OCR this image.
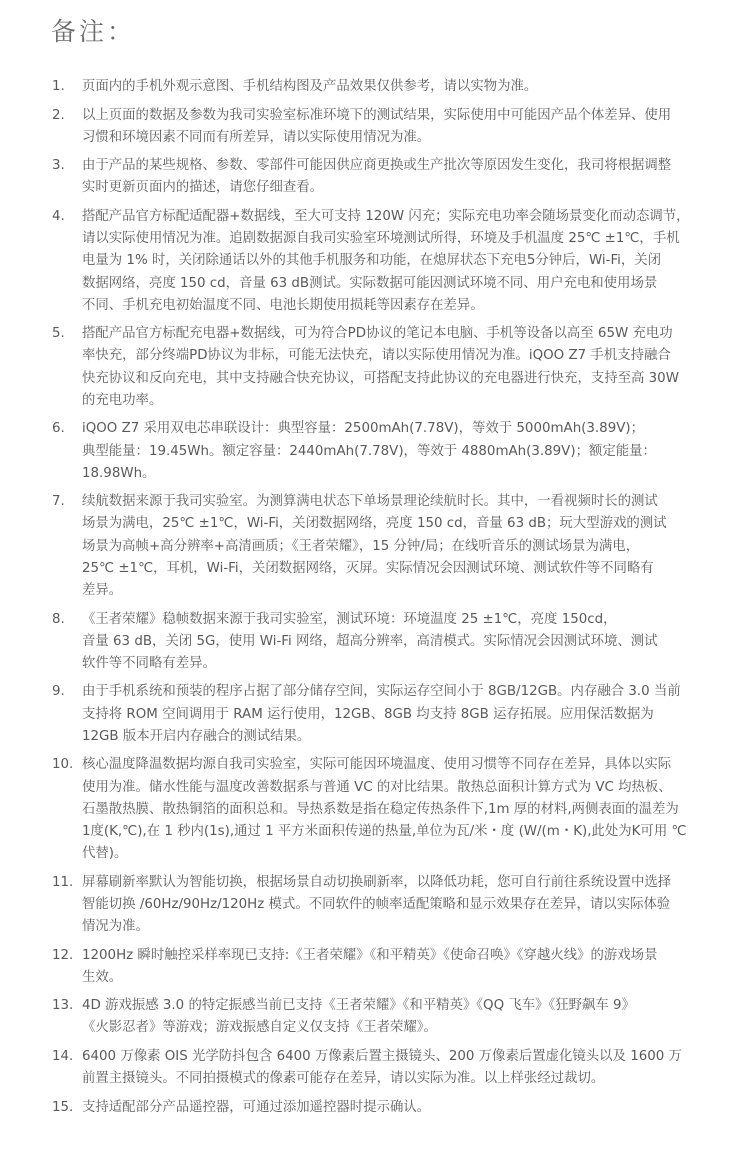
备注：
1.	页面内的手机外观示意图、手机结构图及产品效果仅供参考，请以实物为准。
2.	以上页面的数据及参数为我司实验室标准环境下的测试结果，实际使用中可能因产品个体差异、使用
习惯和环境因素不同而有所差异，请以实际使用情况为准。
3.	由于产品的某些规格、参数、零部件可能因供应商更换或生产批次等原因发生变化，我司将根据调整
实时更新页面内的描述，请您仔细查看。
4.	搭配产品官方标配适配器+数据线，至大可支持 120W 闪充；实际充电功率会随场景变化而动态调节，
请以实际使用情况为准。追剧数据源自我司实验室环境测试所得，环境及手机温度 25℃ ±1℃，手机
电量为 1% 时，关闭除通话以外的其他手机服务和功能，在熄屏状态下充电5分钟后，Wi-Fi，关闭
数据网络，亮度 150 cd，音量 63 dB测试。实际数据可能因测试环境不同、用户充电和使用场景
不同、手机充电初始温度不同、电池长期使用损耗等因素存在差异。
5.	搭配产品官方标配充电器+数据线，可为符合PD协议的笔记本电脑、手机等设备以高至 65W 充电功
率快充，部分终端PD协议为非标，可能无法快充，请以实际使用情况为准。iQOO Z7 手机支持融合
快充协议和反向充电，其中支持融合快充协议，可搭配支持此协议的充电器进行快充，支持至高 30W
的充电功率。
6.	iQOO Z7 采用双电芯串联设计：典型容量：2500mAh(7.78V)，等效于 5000mAh(3.89V)；
典型能量：19.45Wh。额定容量：2440mAh(7.78V)，等效于 4880mAh(3.89V)；额定能量：
18.98Wh。
7.	续航数据来源于我司实验室。为测算满电状态下单场景理论续航时长。其中，一看视频时长的测试
场景为满电，25℃ ±1℃，Wi-Fi，关闭数据网络，亮度 150 cd，音量 63 dB；玩大型游戏的测试
场景为高帧+高分辨率+高清画质；《王者荣耀》，15 分钟/局；在线听音乐的测试场景为满电，
25℃ ±1℃，耳机，Wi-Fi，关闭数据网络，灭屏。实际情况会因测试环境、测试软件等不同略有
差异。
8.	《王者荣耀》稳帧数据来源于我司实验室，测试环境：环境温度 25 ±1℃，亮度 150cd，
音量 63 dB，关闭 5G，使用 Wi-Fi 网络，超高分辨率，高清模式。实际情况会因测试环境、测试
软件等不同略有差异。
9.	由于手机系统和预装的程序占据了部分储存空间，实际运存空间小于 8GB/12GB。内存融合 3.0 当前
支持将 ROM 空间调用于 RAM 运行使用，12GB、8GB 均支持 8GB 运存拓展。应用保活数据为
12GB 版本开启内存融合的测试结果。
10. 核心温度降温数据均源自我司实验室，实际可能因环境温度、使用习惯等不同存在差异，具体以实际
使用为准。储水性能与温度改善数据系与普通 VC 的对比结果。散热总面积计算方式为 VC 均热板、
石墨散热膜、散热铜箔的面积总和。导热系数是指在稳定传热条件下,1m 厚的材料,两侧表面的温差为
1度(K,℃),在 1 秒内(1s),通过 1 平方米面积传递的热量,单位为瓦/米・度 (W/(m・K),此处为K可用 ℃
代替)。
11. 屏幕刷新率默认为智能切换，根据场景自动切换刷新率，以降低功耗，您可自行前往系统设置中选择
智能切换 /60Hz/90Hz/120Hz 模式。不同软件的帧率适配策略和显示效果存在差异，请以实际体验
情况为准。
12. 1200Hz 瞬时触控采样率现已支持:《王者荣耀》《和平精英》《使命召唤》《穿越火线》的游戏场景
生效。
13. 4D 游戏振感 3.0 的特定振感当前已支持《王者荣耀》《和平精英》《QQ 飞车》《狂野飙车 9》
《火影忍者》等游戏；游戏振感自定义仅支持《王者荣耀》。
14. 6400 万像素 OIS 光学防抖包含 6400 万像素后置主摄镜头、200 万像素后置虚化镜头以及 1600 万
前置主摄镜头。不同拍摄模式的像素可能存在差异，请以实际为准。以上样张经过裁切。
15. 支持适配部分产品遥控器，可通过添加遥控器时提示确认。
